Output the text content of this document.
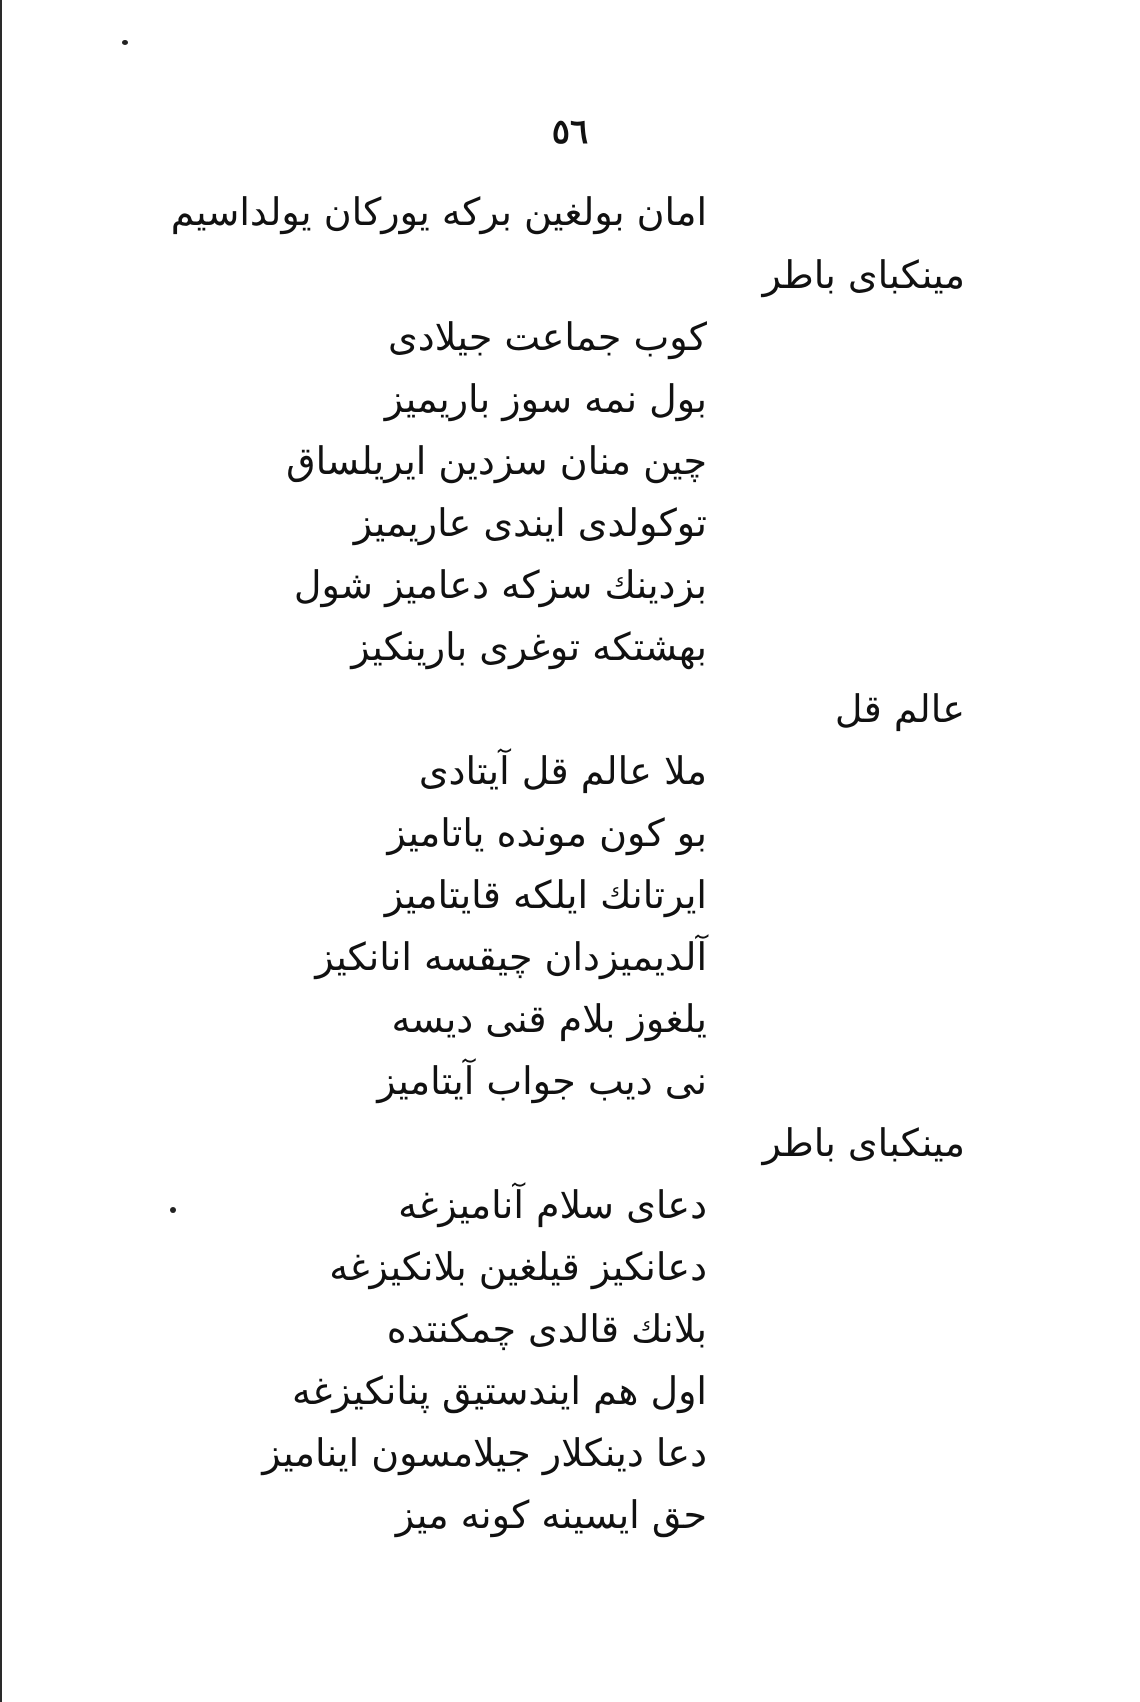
٥٦
امان بولغين بركه يوركان يولداسيم
مينكباى باطر
كوب جماعت جيلادى
بول نمه سوز باريميز
چين منان سزدين ايريلساق
توكولدى ايندى عاريميز
بزدينك سزكه دعاميز شول
بهشتكه توغرى بارينكيز
عالم قل
ملا عالم قل آيتادى
بو كون مونده ياتاميز
ايرتانك ايلكه قايتاميز
آلديميزدان چيقسه انانكيز
يلغوز بلام قنى ديسه
نى ديب جواب آيتاميز
مينكباى باطر
دعاى سلام آناميزغه
دعانكيز قيلغين بلانكيزغه
بلانك قالدى چمكنتده
اول هم ايندستيق پنانكيزغه
دعا دينكلار جيلامسون ايناميز
حق ايسينه كونه ميز
